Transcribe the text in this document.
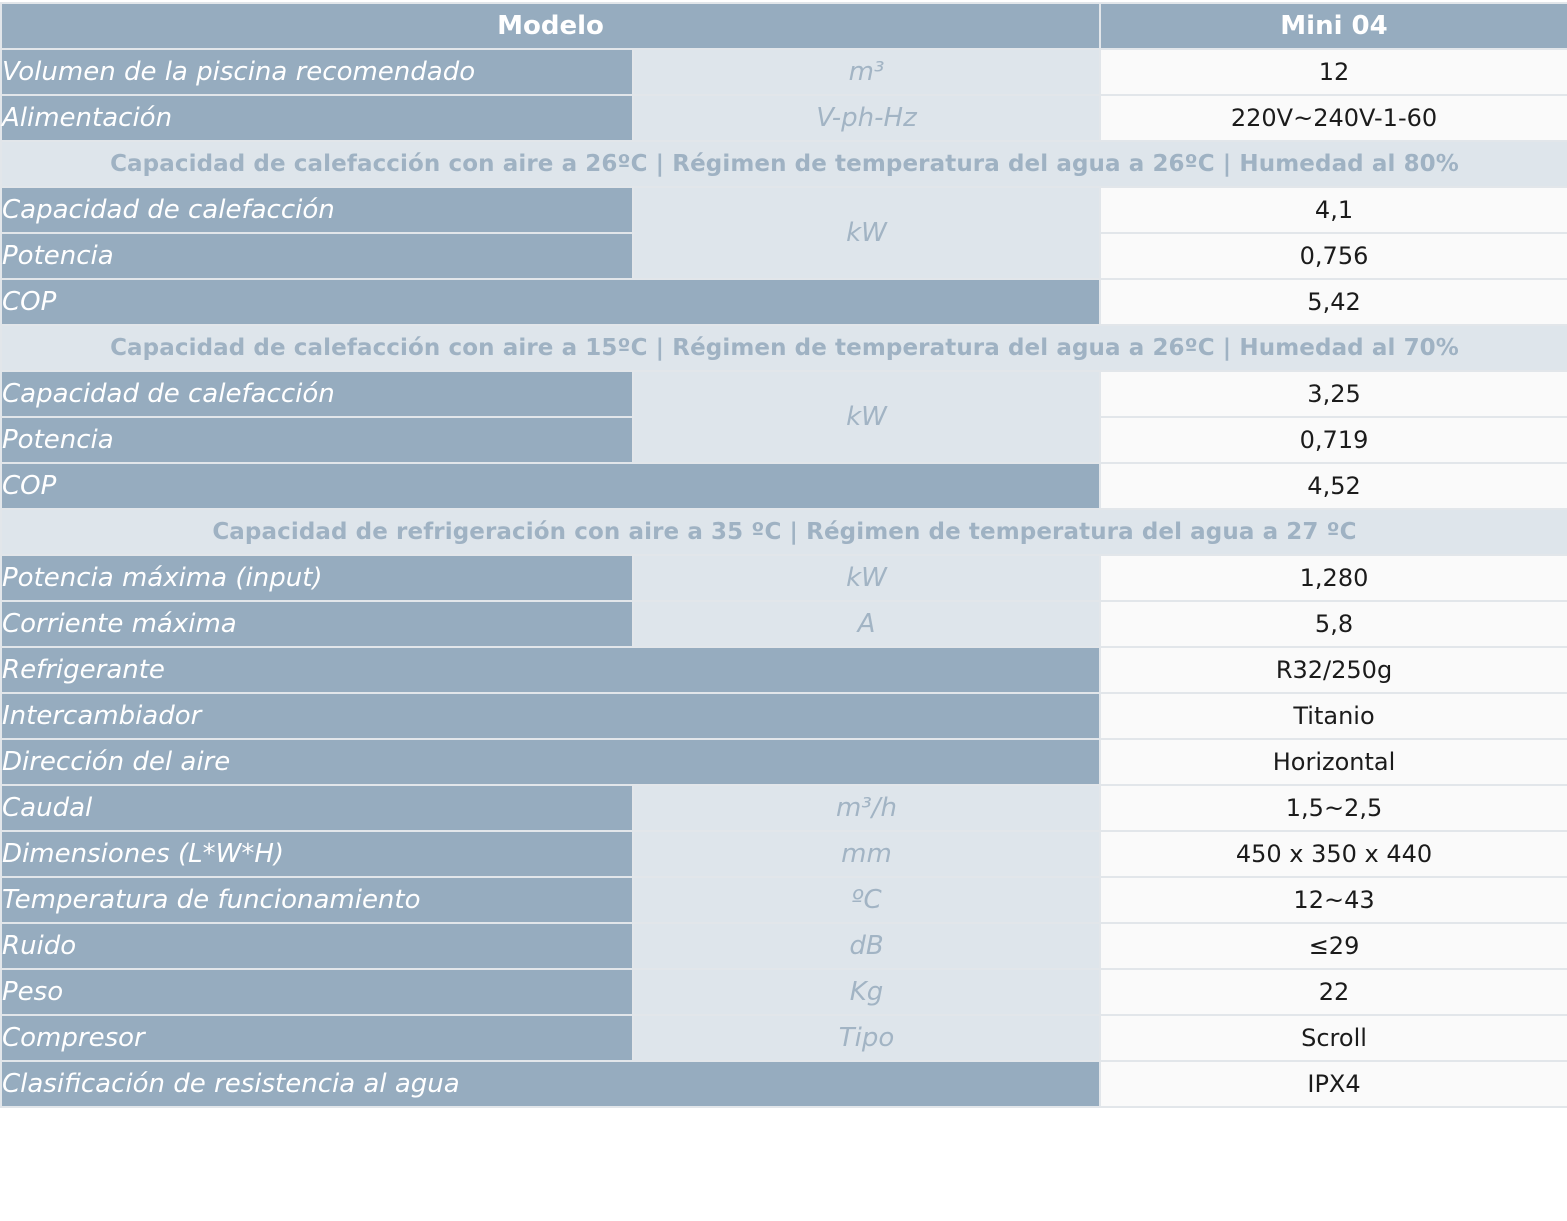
Modelo		Mini 04
Volumen de la piscina recomendado	m³	12
Alimentación	V-ph-Hz	220V~240V-1-60
Capacidad de calefacción con aire a 26ºC | Régimen de temperatura del agua a 26ºC | Humedad al 80%		
Capacidad de calefacción	kW	4,1
Potencia		0,756
COP		5,42
Capacidad de calefacción con aire a 15ºC | Régimen de temperatura del agua a 26ºC | Humedad al 70%		
Capacidad de calefacción	kW	3,25
Potencia		0,719
COP		4,52
Capacidad de refrigeración con aire a 35 ºC | Régimen de temperatura del agua a 27 ºC		
Potencia máxima (input)	kW	1,280
Corriente máxima	A	5,8
Refrigerante		R32/250g
Intercambiador		Titanio
Dirección del aire		Horizontal
Caudal	m³/h	1,5~2,5
Dimensiones (L*W*H)	mm	450 x 350 x 440
Temperatura de funcionamiento	ºC	12~43
Ruido	dB	≤29
Peso	Kg	22
Compresor	Tipo	Scroll
Clasificación de resistencia al agua		IPX4
